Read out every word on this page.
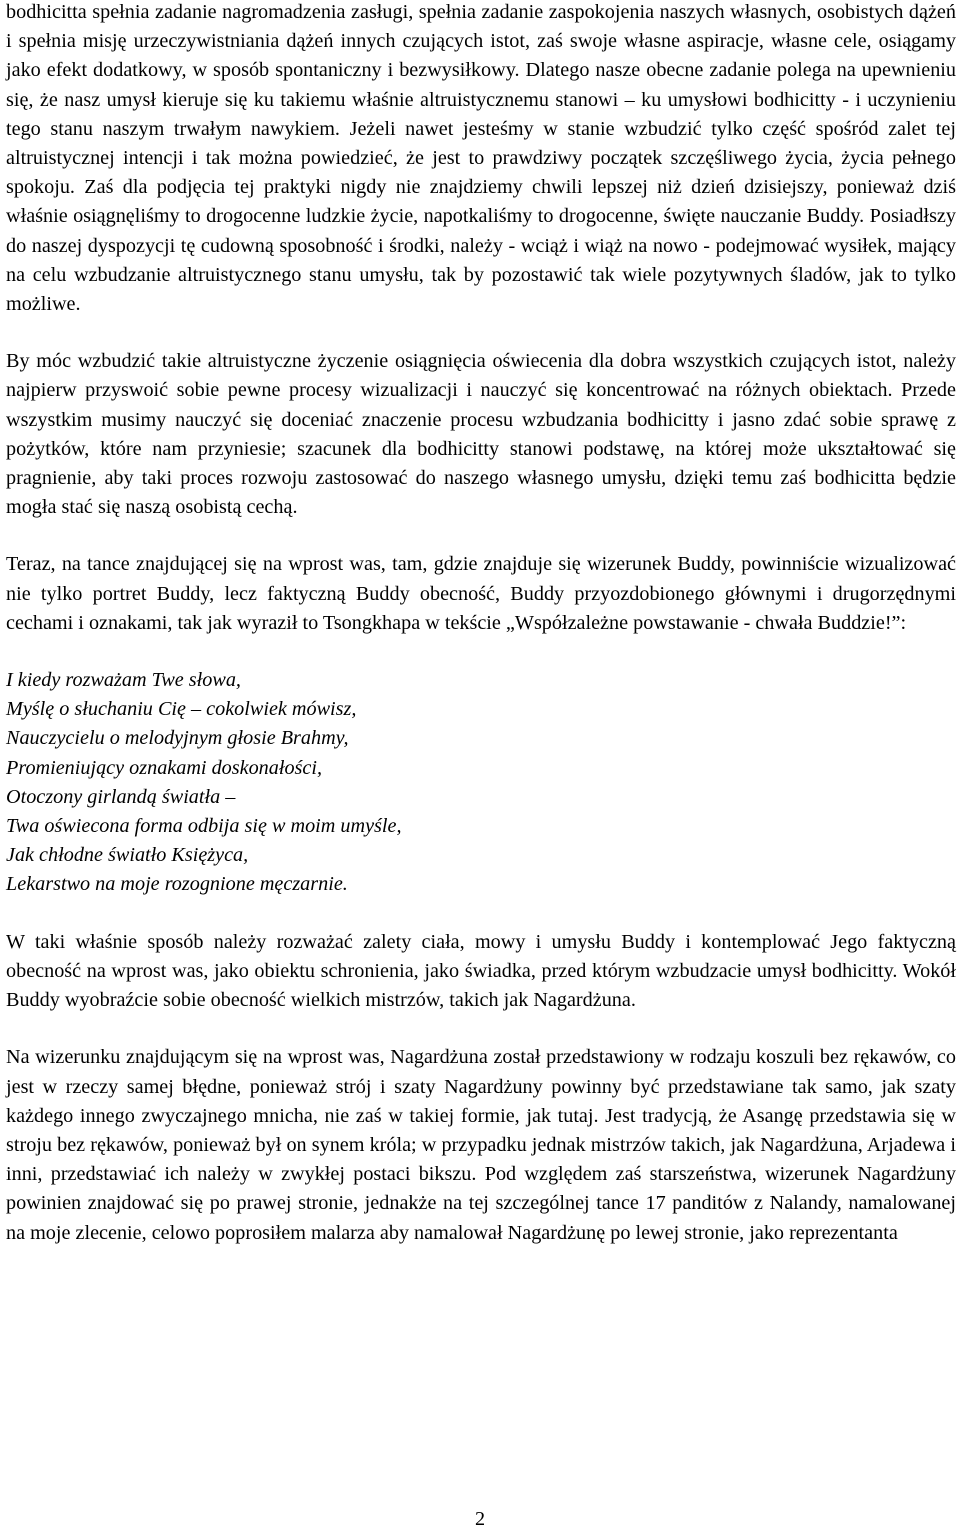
bodhicitta spełnia zadanie nagromadzenia zasługi, spełnia zadanie zaspokojenia naszych własnych, osobistych dążeń i spełnia misję urzeczywistniania dążeń innych czujących istot, zaś swoje własne aspiracje, własne cele, osiągamy jako efekt dodatkowy, w sposób spontaniczny i bezwysiłkowy. Dlatego nasze obecne zadanie polega na upewnieniu się, że nasz umysł kieruje się ku takiemu właśnie altruistycznemu stanowi – ku umysłowi bodhicitty - i uczynieniu tego stanu naszym trwałym nawykiem. Jeżeli nawet jesteśmy w stanie wzbudzić tylko część spośród zalet tej altruistycznej intencji i tak można powiedzieć, że jest to prawdziwy początek szczęśliwego życia, życia pełnego spokoju. Zaś dla podjęcia tej praktyki nigdy nie znajdziemy chwili lepszej niż dzień dzisiejszy, ponieważ dziś właśnie osiągnęliśmy to drogocenne ludzkie życie, napotkaliśmy to drogocenne, święte nauczanie Buddy. Posiadłszy do naszej dyspozycji tę cudowną sposobność i środki, należy - wciąż i wiąż na nowo - podejmować wysiłek, mający na celu wzbudzanie altruistycznego stanu umysłu, tak by pozostawić tak wiele pozytywnych śladów, jak to tylko możliwe.

By móc wzbudzić takie altruistyczne życzenie osiągnięcia oświecenia dla dobra wszystkich czujących istot, należy najpierw przyswoić sobie pewne procesy wizualizacji i nauczyć się koncentrować na różnych obiektach. Przede wszystkim musimy nauczyć się doceniać znaczenie procesu wzbudzania bodhicitty i jasno zdać sobie sprawę z pożytków, które nam przyniesie; szacunek dla bodhicitty stanowi podstawę, na której może ukształtować się pragnienie, aby taki proces rozwoju zastosować do naszego własnego umysłu, dzięki temu zaś bodhicitta będzie mogła stać się naszą osobistą cechą.

Teraz, na tance znajdującej się na wprost was, tam, gdzie znajduje się wizerunek Buddy, powinniście wizualizować nie tylko portret Buddy, lecz faktyczną Buddy obecność, Buddy przyozdobionego głównymi i drugorzędnymi cechami i oznakami, tak jak wyraził to Tsongkhapa w tekście „Współzależne powstawanie - chwała Buddzie!”:

I kiedy rozważam Twe słowa,
Myślę o słuchaniu Cię – cokolwiek mówisz,
Nauczycielu o melodyjnym głosie Brahmy,
Promieniujący oznakami doskonałości,
Otoczony girlandą światła –
Twa oświecona forma odbija się w moim umyśle,
Jak chłodne światło Księżyca,
Lekarstwo na moje rozognione męczarnie.

W taki właśnie sposób należy rozważać zalety ciała, mowy i umysłu Buddy i kontemplować Jego faktyczną obecność na wprost was, jako obiektu schronienia, jako świadka, przed którym wzbudzacie umysł bodhicitty. Wokół Buddy wyobraźcie sobie obecność wielkich mistrzów, takich jak Nagardżuna.

Na wizerunku znajdującym się na wprost was, Nagardżuna został przedstawiony w rodzaju koszuli bez rękawów, co jest w rzeczy samej błędne, ponieważ strój i szaty Nagardżuny powinny być przedstawiane tak samo, jak szaty każdego innego zwyczajnego mnicha, nie zaś w takiej formie, jak tutaj. Jest tradycją, że Asangę przedstawia się w stroju bez rękawów, ponieważ był on synem króla; w przypadku jednak mistrzów takich, jak Nagardżuna, Arjadewa i inni, przedstawiać ich należy w zwykłej postaci bikszu. Pod względem zaś starszeństwa, wizerunek Nagardżuny powinien znajdować się po prawej stronie, jednakże na tej szczególnej tance 17 panditów z Nalandy, namalowanej na moje zlecenie, celowo poprosiłem malarza aby namalował Nagardżunę po lewej stronie, jako reprezentanta

2
